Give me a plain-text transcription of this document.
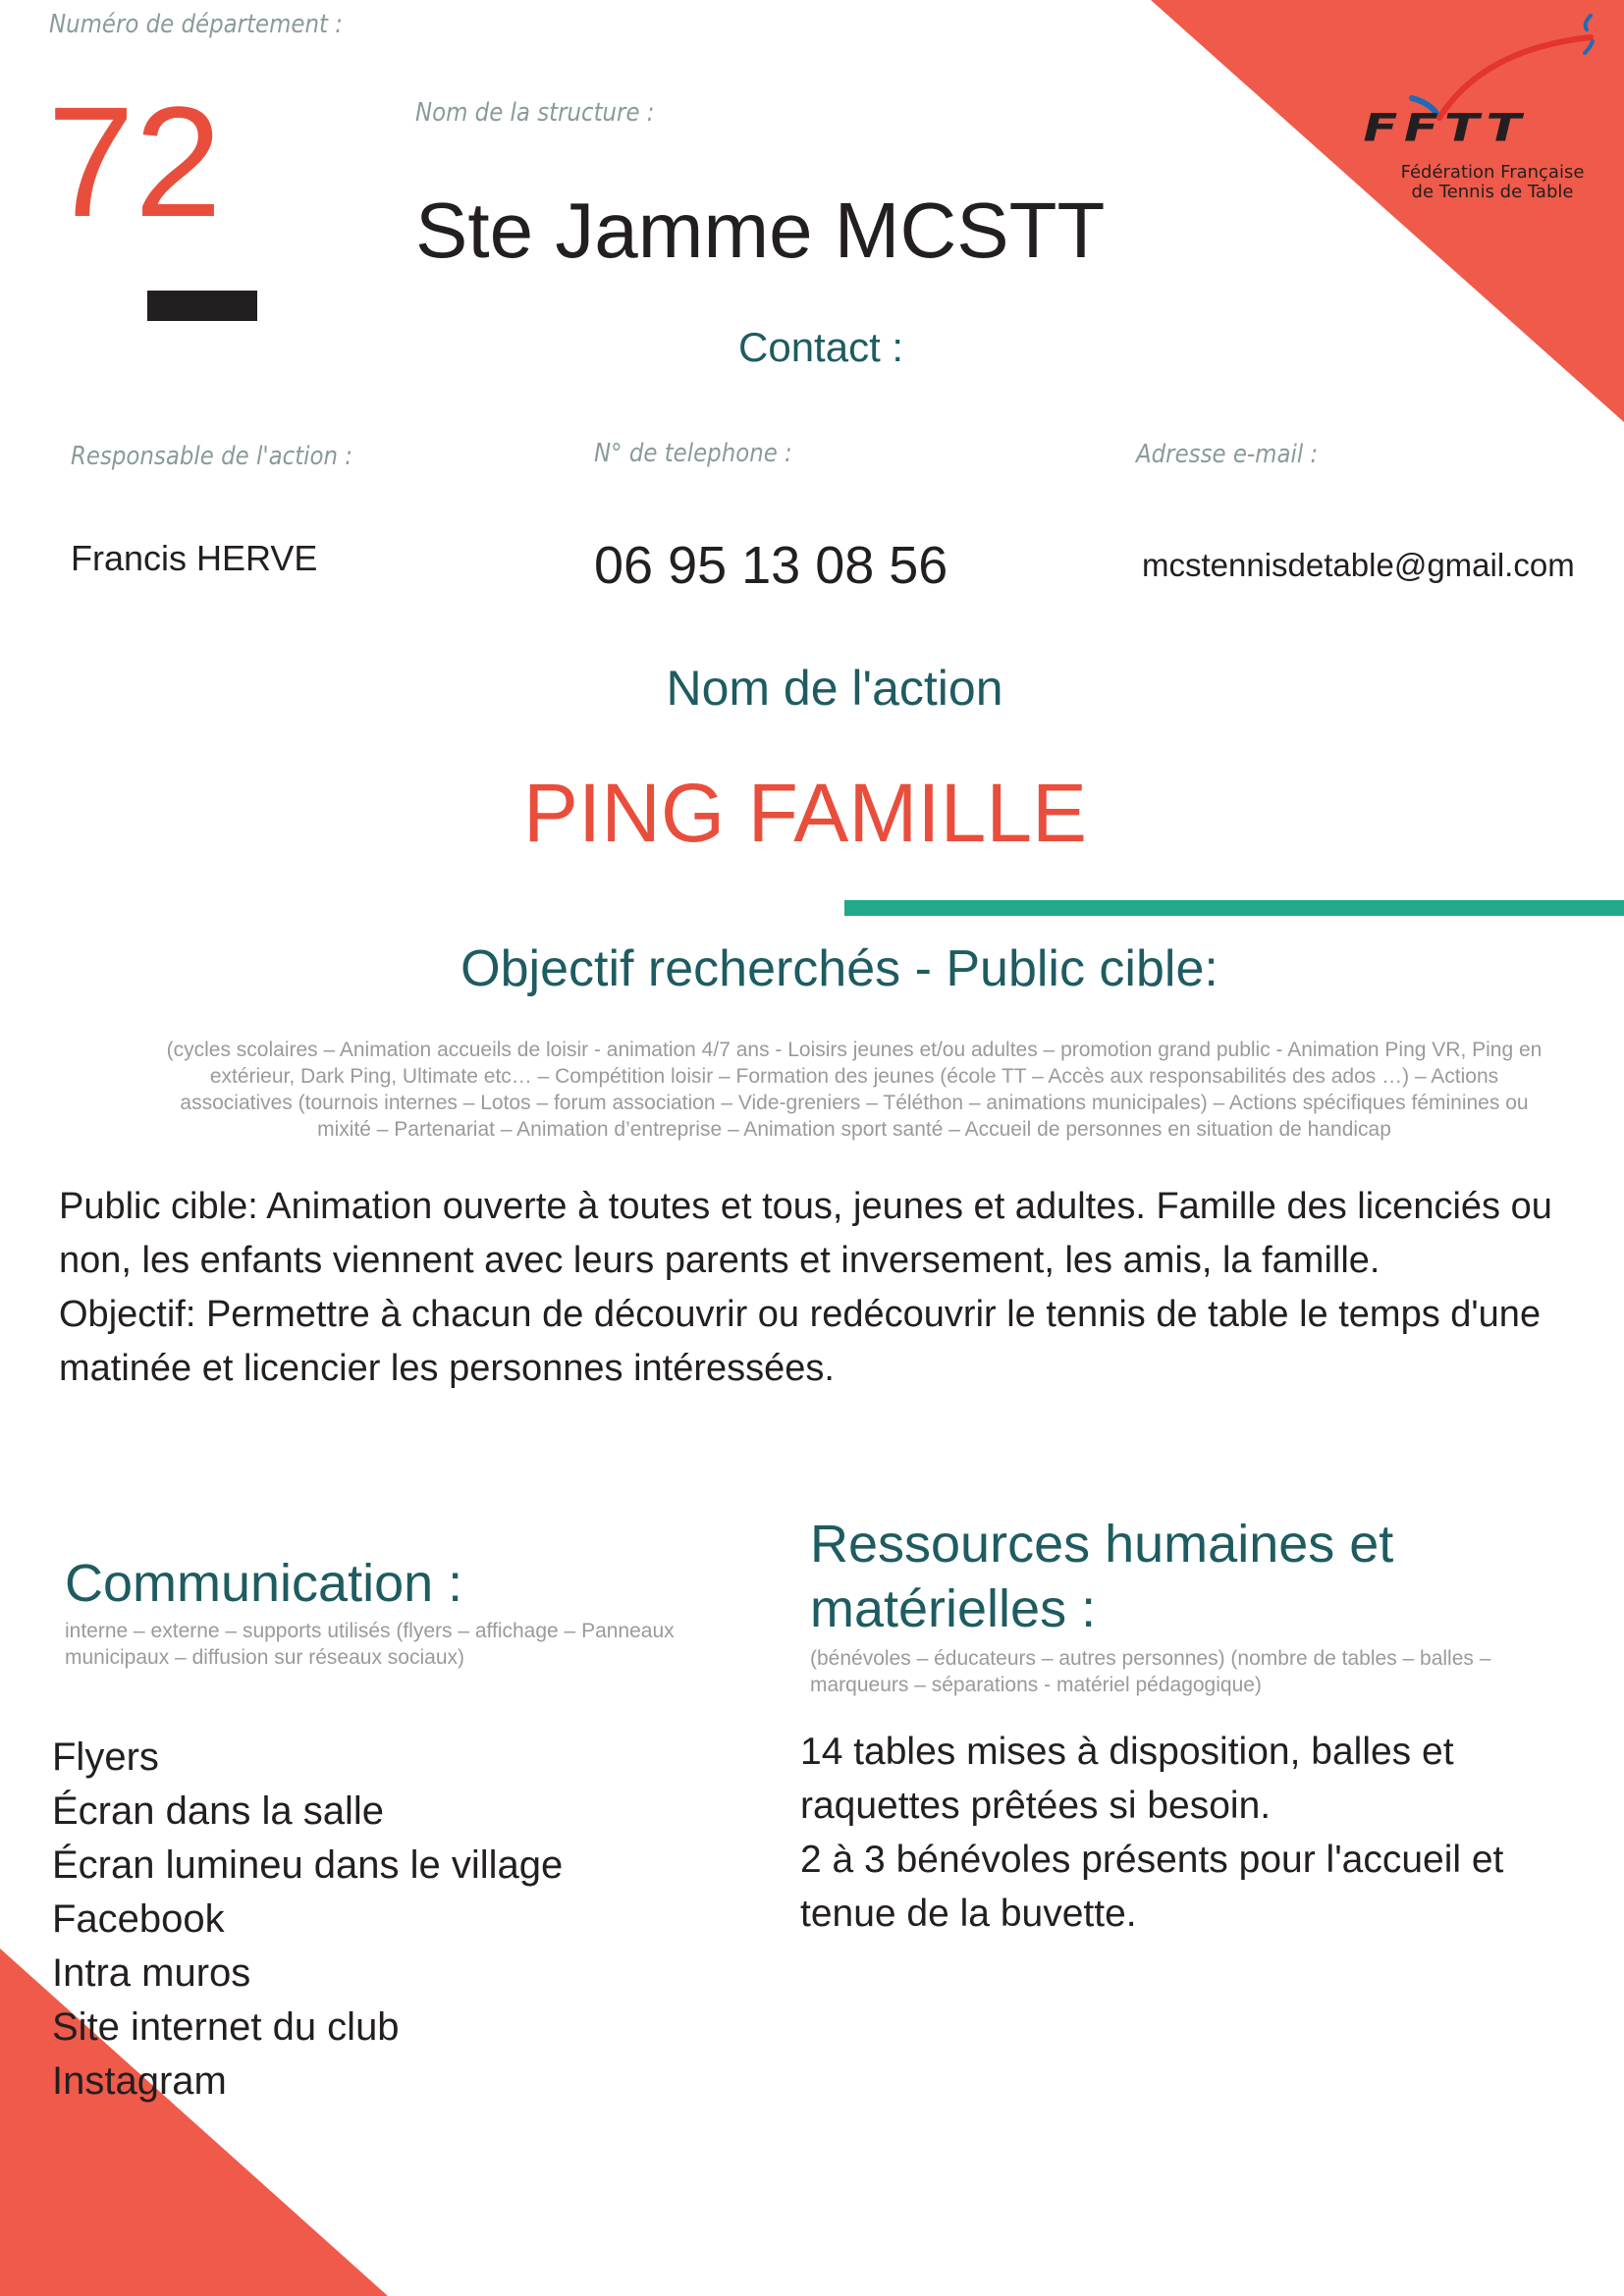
FFTT
Fédération Française
de Tennis de Table
Numéro de département :
72	Nom de la structure :
Ste Jamme MCSTT
Contact :
Responsable de l'action :	N° de telephone :	Adresse e-mail :
Francis HERVE	06 95 13 08 56	mcstennisdetable@gmail.com
Nom de l'action
PING FAMILLE
Objectif recherchés - Public cible:
(cycles scolaires – Animation accueils de loisir - animation 4/7 ans - Loisirs jeunes et/ou adultes – promotion grand public - Animation Ping VR, Ping en extérieur, Dark Ping, Ultimate etc… – Compétition loisir – Formation des jeunes (école TT – Accès aux responsabilités des ados …) – Actions associatives (tournois internes – Lotos – forum association – Vide-greniers – Téléthon – animations municipales) – Actions spécifiques féminines ou mixité – Partenariat – Animation d’entreprise – Animation sport santé – Accueil de personnes en situation de handicap
Public cible: Animation ouverte à toutes et tous, jeunes et adultes. Famille des licenciés ou non, les enfants viennent avec leurs parents et inversement, les amis, la famille.
Objectif: Permettre à chacun de découvrir ou redécouvrir le tennis de table le temps d'une matinée et licencier les personnes intéressées.
Communication :
interne – externe – supports utilisés (flyers – affichage – Panneaux municipaux – diffusion sur réseaux sociaux)
Flyers
Écran dans la salle
Écran lumineu dans le village
Facebook
Intra muros
Site internet du club
Instagram
Ressources humaines et matérielles :
(bénévoles – éducateurs – autres personnes) (nombre de tables – balles – marqueurs – séparations - matériel pédagogique)
14 tables mises à disposition, balles et raquettes prêtées si besoin.
2 à 3 bénévoles présents pour l'accueil et tenue de la buvette.
